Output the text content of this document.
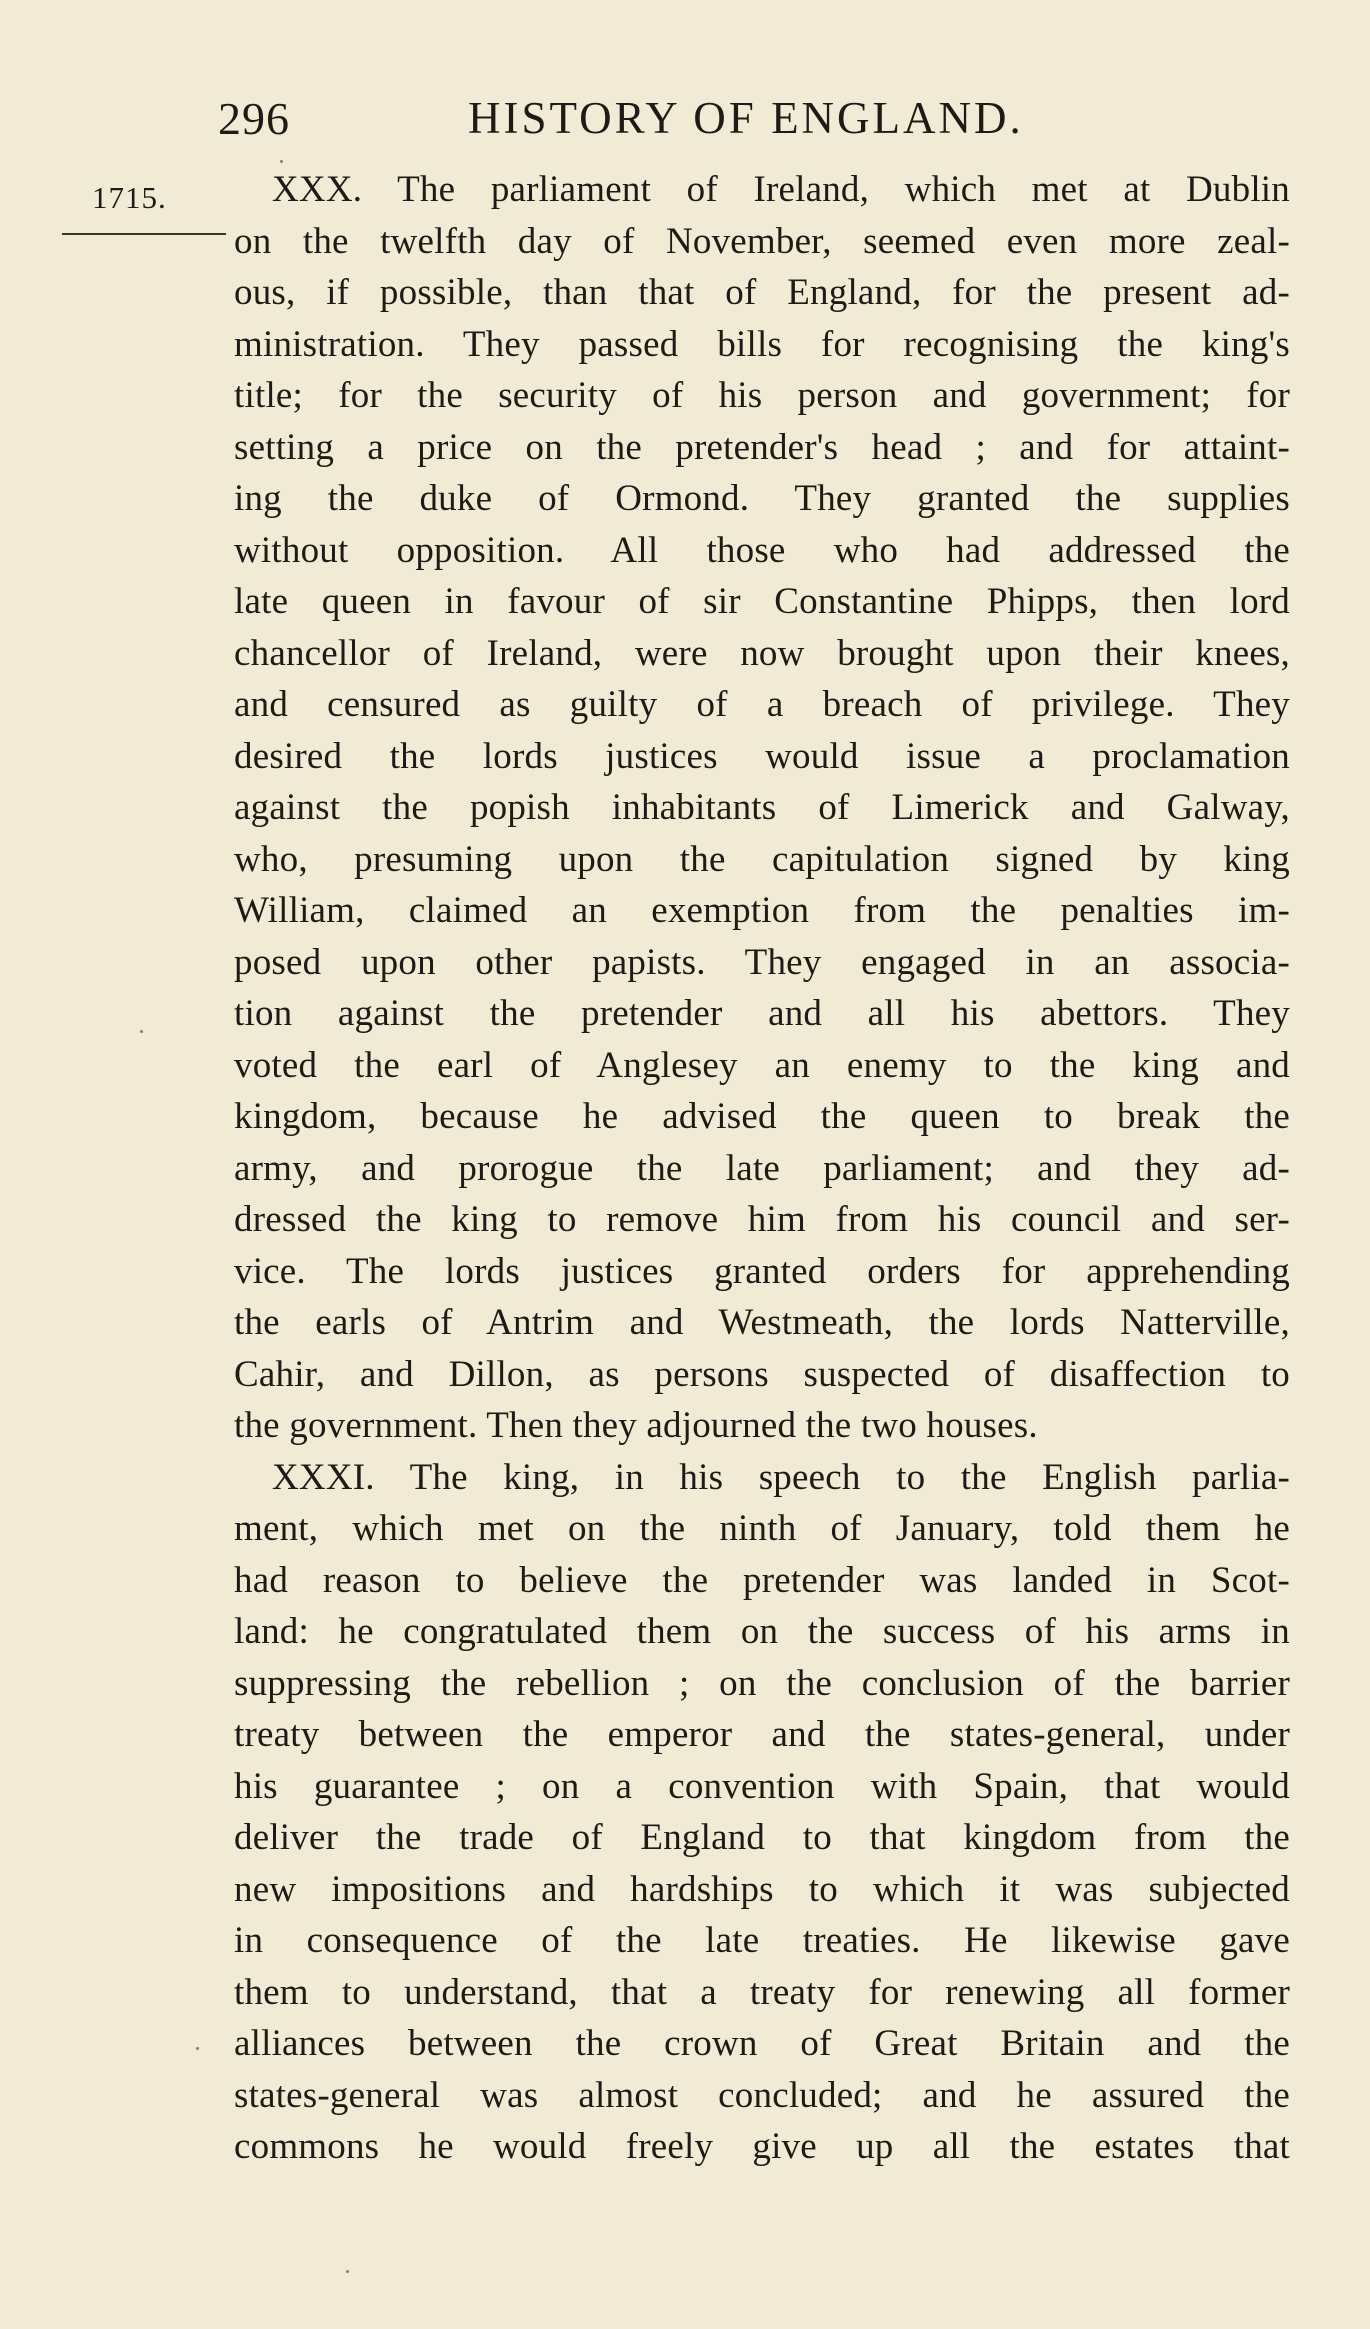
296	HISTORY OF ENGLAND.
1715.	XXX. The parliament of Ireland, which met at Dublin
on the twelfth day of November, seemed even more zeal-
ous, if possible, than that of England, for the present ad-
ministration. They passed bills for recognising the king's
title; for the security of his person and government; for
setting a price on the pretender's head ; and for attaint-
ing the duke of Ormond. They granted the supplies
without opposition. All those who had addressed the
late queen in favour of sir Constantine Phipps, then lord
chancellor of Ireland, were now brought upon their knees,
and censured as guilty of a breach of privilege. They
desired the lords justices would issue a proclamation
against the popish inhabitants of Limerick and Galway,
who, presuming upon the capitulation signed by king
William, claimed an exemption from the penalties im-
posed upon other papists. They engaged in an associa-
tion against the pretender and all his abettors. They
voted the earl of Anglesey an enemy to the king and
kingdom, because he advised the queen to break the
army, and prorogue the late parliament; and they ad-
dressed the king to remove him from his council and ser-
vice. The lords justices granted orders for apprehending
the earls of Antrim and Westmeath, the lords Natterville,
Cahir, and Dillon, as persons suspected of disaffection to
the government. Then they adjourned the two houses.
XXXI. The king, in his speech to the English parlia-
ment, which met on the ninth of January, told them he
had reason to believe the pretender was landed in Scot-
land: he congratulated them on the success of his arms in
suppressing the rebellion ; on the conclusion of the barrier
treaty between the emperor and the states-general, under
his guarantee ; on a convention with Spain, that would
deliver the trade of England to that kingdom from the
new impositions and hardships to which it was subjected
in consequence of the late treaties. He likewise gave
them to understand, that a treaty for renewing all former
alliances between the crown of Great Britain and the
states-general was almost concluded; and he assured the
commons he would freely give up all the estates that
